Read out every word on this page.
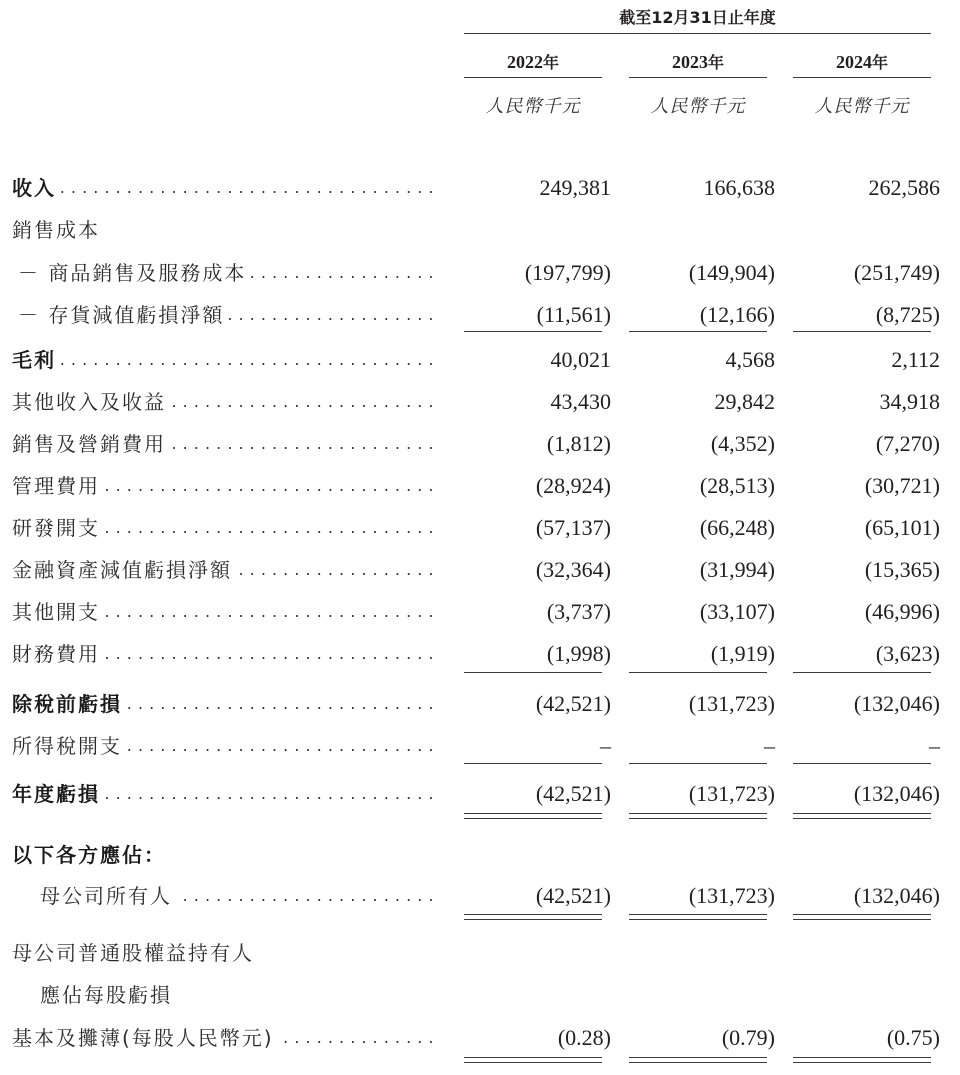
截至12月31日止年度
2022年	2023年	2024年
人民幣千元	人民幣千元	人民幣千元
收入
. . .	249,381	166,638	262,586
銷售成本
－ 商品銷售及服務成本
. . .	(197,799)	(149,904)	(251,749)
－ 存貨減值虧損淨額
. . .	(11,561)	(12,166)	(8,725)
毛利
. . .	40,021	4,568	2,112
其他收入及收益
. . .	43,430	29,842	34,918
銷售及營銷費用
. . .	(1,812)	(4,352)	(7,270)
管理費用
. . .	(28,924)	(28,513)	(30,721)
研發開支
. . .	(57,137)	(66,248)	(65,101)
金融資產減值虧損淨額
. . .	(32,364)	(31,994)	(15,365)
其他開支
. . .	(3,737)	(33,107)	(46,996)
財務費用
. . .	(1,998)	(1,919)	(3,623)
除稅前虧損
. . .	(42,521)	(131,723)	(132,046)
所得稅開支
. . .	–	–	–
年度虧損
. . .	(42,521)	(131,723)	(132,046)
以下各方應佔：
母公司所有人
. . .	(42,521)	(131,723)	(132,046)
母公司普通股權益持有人
應佔每股虧損
基本及攤薄(每股人民幣元)
. . .	(0.28)	(0.79)	(0.75)
